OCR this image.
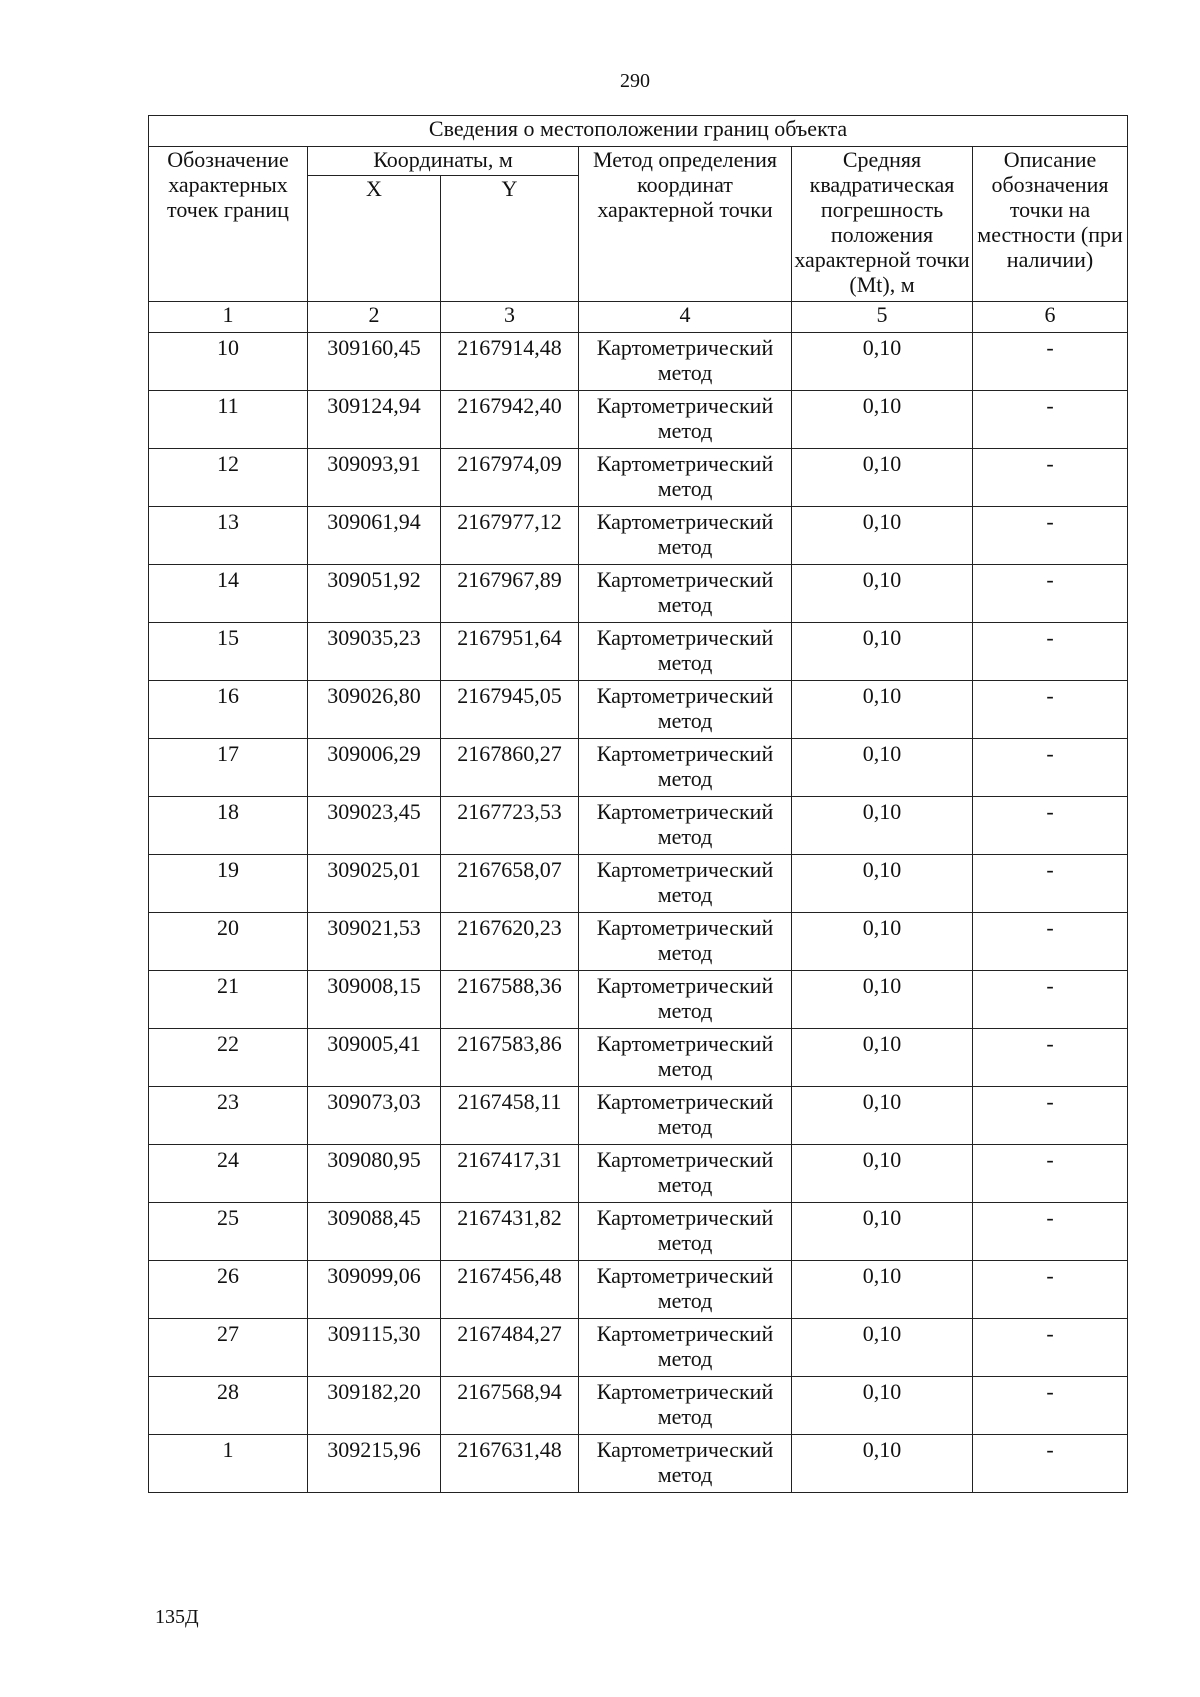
290
Сведения о местоположении границ объекта					
Обозначение характерных точек границ	Координаты, м		Метод определения координат характерной точки	Средняя квадратическая погрешность положения характерной точки (Mt), м	Описание обозначения точки на местности (при наличии)
	X	Y			
1	2	3	4	5	6
10	309160,45	2167914,48	Картометрический метод	0,10	-
11	309124,94	2167942,40	Картометрический метод	0,10	-
12	309093,91	2167974,09	Картометрический метод	0,10	-
13	309061,94	2167977,12	Картометрический метод	0,10	-
14	309051,92	2167967,89	Картометрический метод	0,10	-
15	309035,23	2167951,64	Картометрический метод	0,10	-
16	309026,80	2167945,05	Картометрический метод	0,10	-
17	309006,29	2167860,27	Картометрический метод	0,10	-
18	309023,45	2167723,53	Картометрический метод	0,10	-
19	309025,01	2167658,07	Картометрический метод	0,10	-
20	309021,53	2167620,23	Картометрический метод	0,10	-
21	309008,15	2167588,36	Картометрический метод	0,10	-
22	309005,41	2167583,86	Картометрический метод	0,10	-
23	309073,03	2167458,11	Картометрический метод	0,10	-
24	309080,95	2167417,31	Картометрический метод	0,10	-
25	309088,45	2167431,82	Картометрический метод	0,10	-
26	309099,06	2167456,48	Картометрический метод	0,10	-
27	309115,30	2167484,27	Картометрический метод	0,10	-
28	309182,20	2167568,94	Картометрический метод	0,10	-
1	309215,96	2167631,48	Картометрический метод	0,10	-
135Д
